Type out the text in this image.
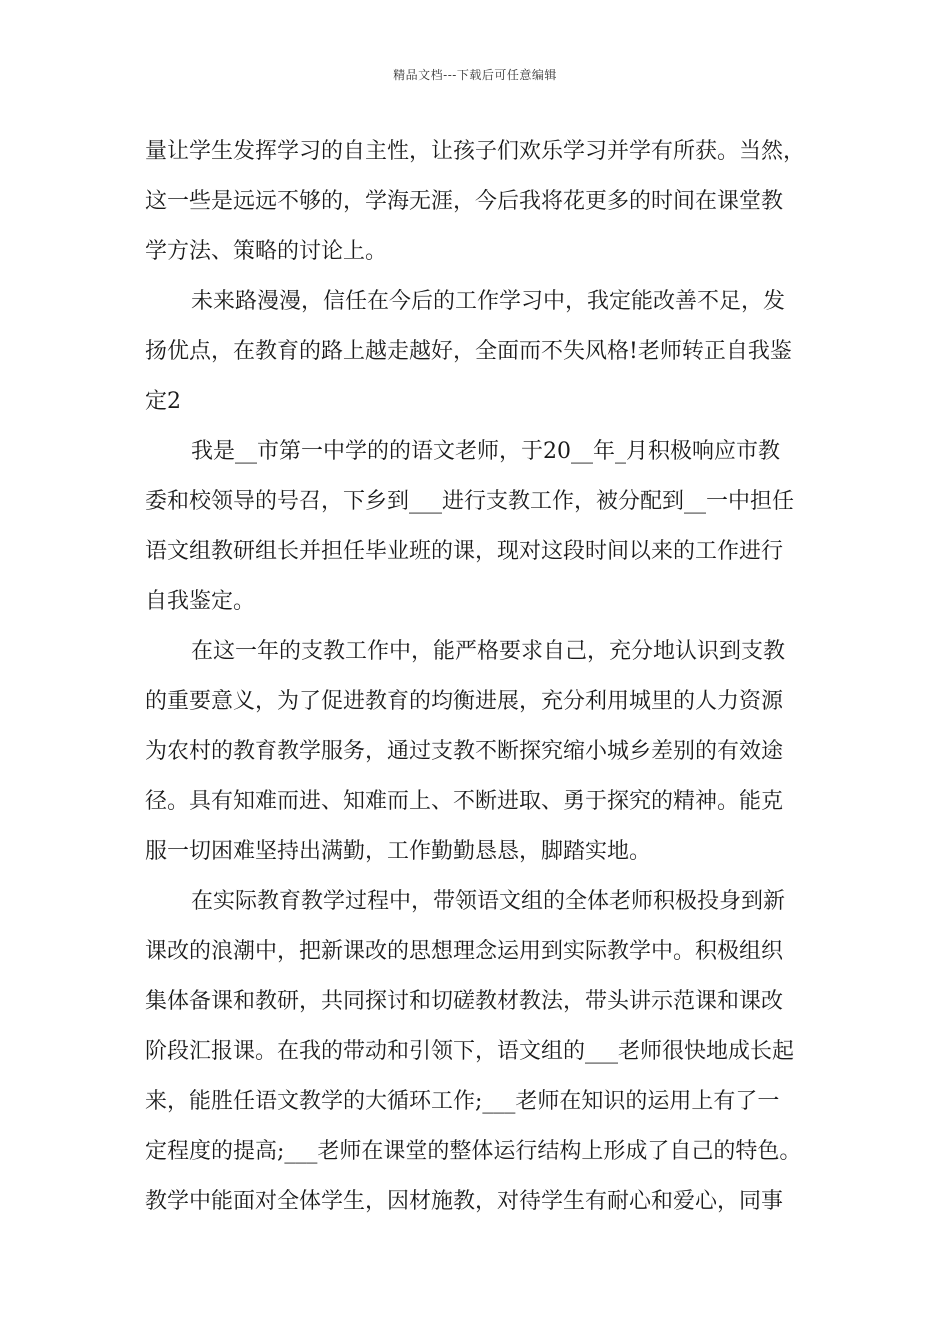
精品文档---下载后可任意编辑
量让学生发挥学习的自主性，让孩子们欢乐学习并学有所获。当然，
这一些是远远不够的，学海无涯，今后我将花更多的时间在课堂教
学方法、策略的讨论上。
未来路漫漫，信任在今后的工作学习中，我定能改善不足，发
扬优点，在教育的路上越走越好，全面而不失风格!老师转正自我鉴
定2
我是__市第一中学的的语文老师，于20__年_月积极响应市教
委和校领导的号召，下乡到___进行支教工作，被分配到__一中担任
语文组教研组长并担任毕业班的课，现对这段时间以来的工作进行
自我鉴定。
在这一年的支教工作中，能严格要求自己，充分地认识到支教
的重要意义，为了促进教育的均衡进展，充分利用城里的人力资源
为农村的教育教学服务，通过支教不断探究缩小城乡差别的有效途
径。具有知难而进、知难而上、不断进取、勇于探究的精神。能克
服一切困难坚持出满勤，工作勤勤恳恳，脚踏实地。
在实际教育教学过程中，带领语文组的全体老师积极投身到新
课改的浪潮中，把新课改的思想理念运用到实际教学中。积极组织
集体备课和教研，共同探讨和切磋教材教法，带头讲示范课和课改
阶段汇报课。在我的带动和引领下，语文组的___老师很快地成长起
来，能胜任语文教学的大循环工作;___老师在知识的运用上有了一
定程度的提高;___老师在课堂的整体运行结构上形成了自己的特色。
教学中能面对全体学生，因材施教，对待学生有耐心和爱心，同事
